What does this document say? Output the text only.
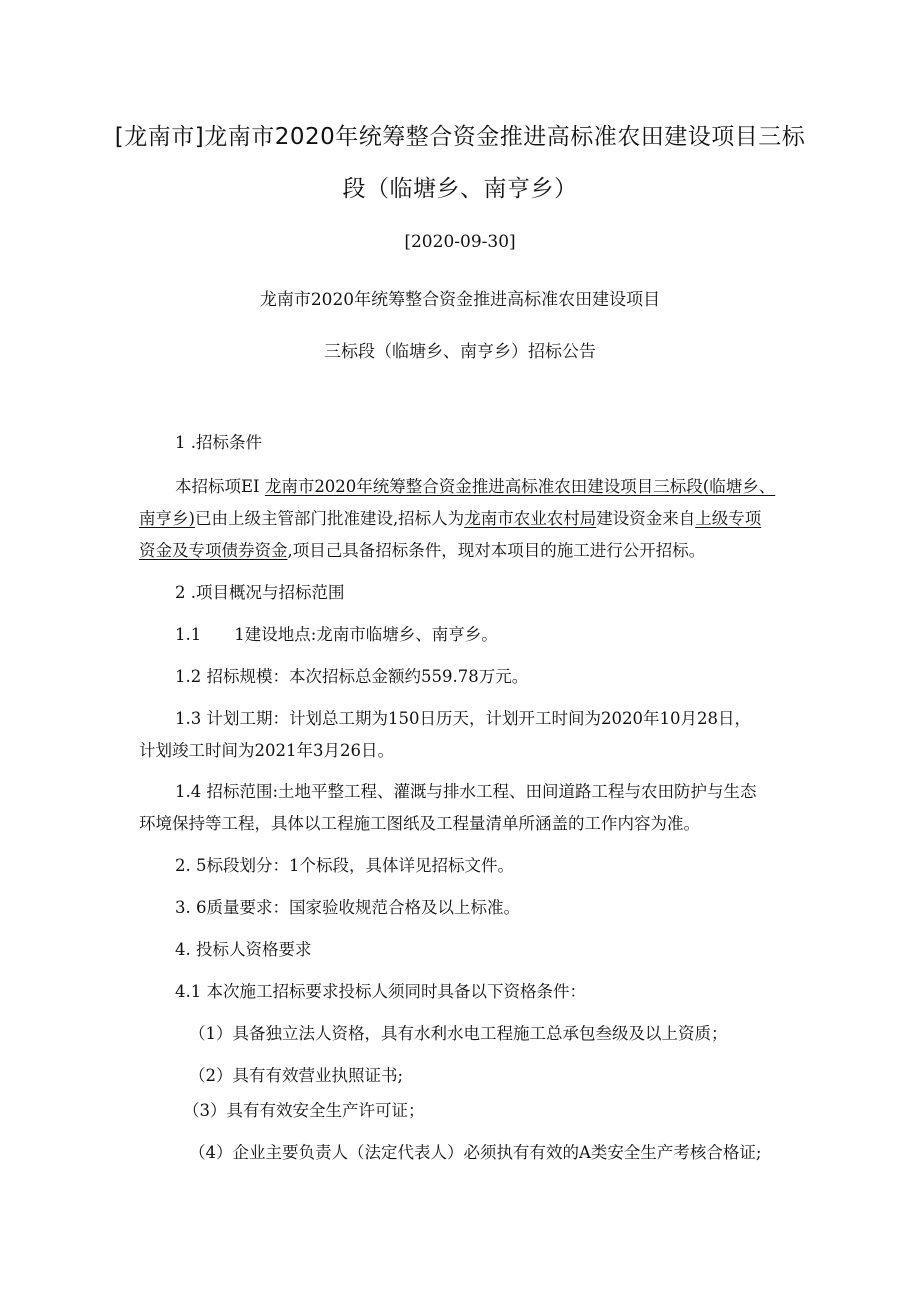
[龙南市]龙南市2020年统筹整合资金推进高标准农田建设项目三标
段（临塘乡、南亨乡）
[2020-09-30]
龙南市2020年统筹整合资金推进高标准农田建设项目
三标段（临塘乡、南亨乡）招标公告
1 .招标条件
本招标项EI 龙南市2020年统筹整合资金推进高标准农田建设项目三标段(临塘乡、
南亨乡)已由上级主管部门批准建设,招标人为龙南市农业农村局建设资金来自上级专项
资金及专项债券资金,项目己具备招标条件，现对本项目的施工进行公开招标。
2 .项目概况与招标范围
1.1　　1建设地点:龙南市临塘乡、南亨乡。
1.2 招标规模：本次招标总金额约559.78万元。
1.3 计划工期：计划总工期为150日历天，计划开工时间为2020年10月28日，
计划竣工时间为2021年3月26日。
1.4 招标范围:土地平整工程、灌溉与排水工程、田间道路工程与农田防护与生态
环境保持等工程，具体以工程施工图纸及工程量清单所涵盖的工作内容为准。
2. 5标段划分：1个标段，具体详见招标文件。
3. 6质量要求：国家验收规范合格及以上标准。
4. 投标人资格要求
4.1 本次施工招标要求投标人须同时具备以下资格条件：
（1）具备独立法人资格，具有水利水电工程施工总承包叁级及以上资质；
（2）具有有效营业执照证书;
（3）具有有效安全生产许可证；
（4）企业主要负责人（法定代表人）必须执有有效的A类安全生产考核合格证;
